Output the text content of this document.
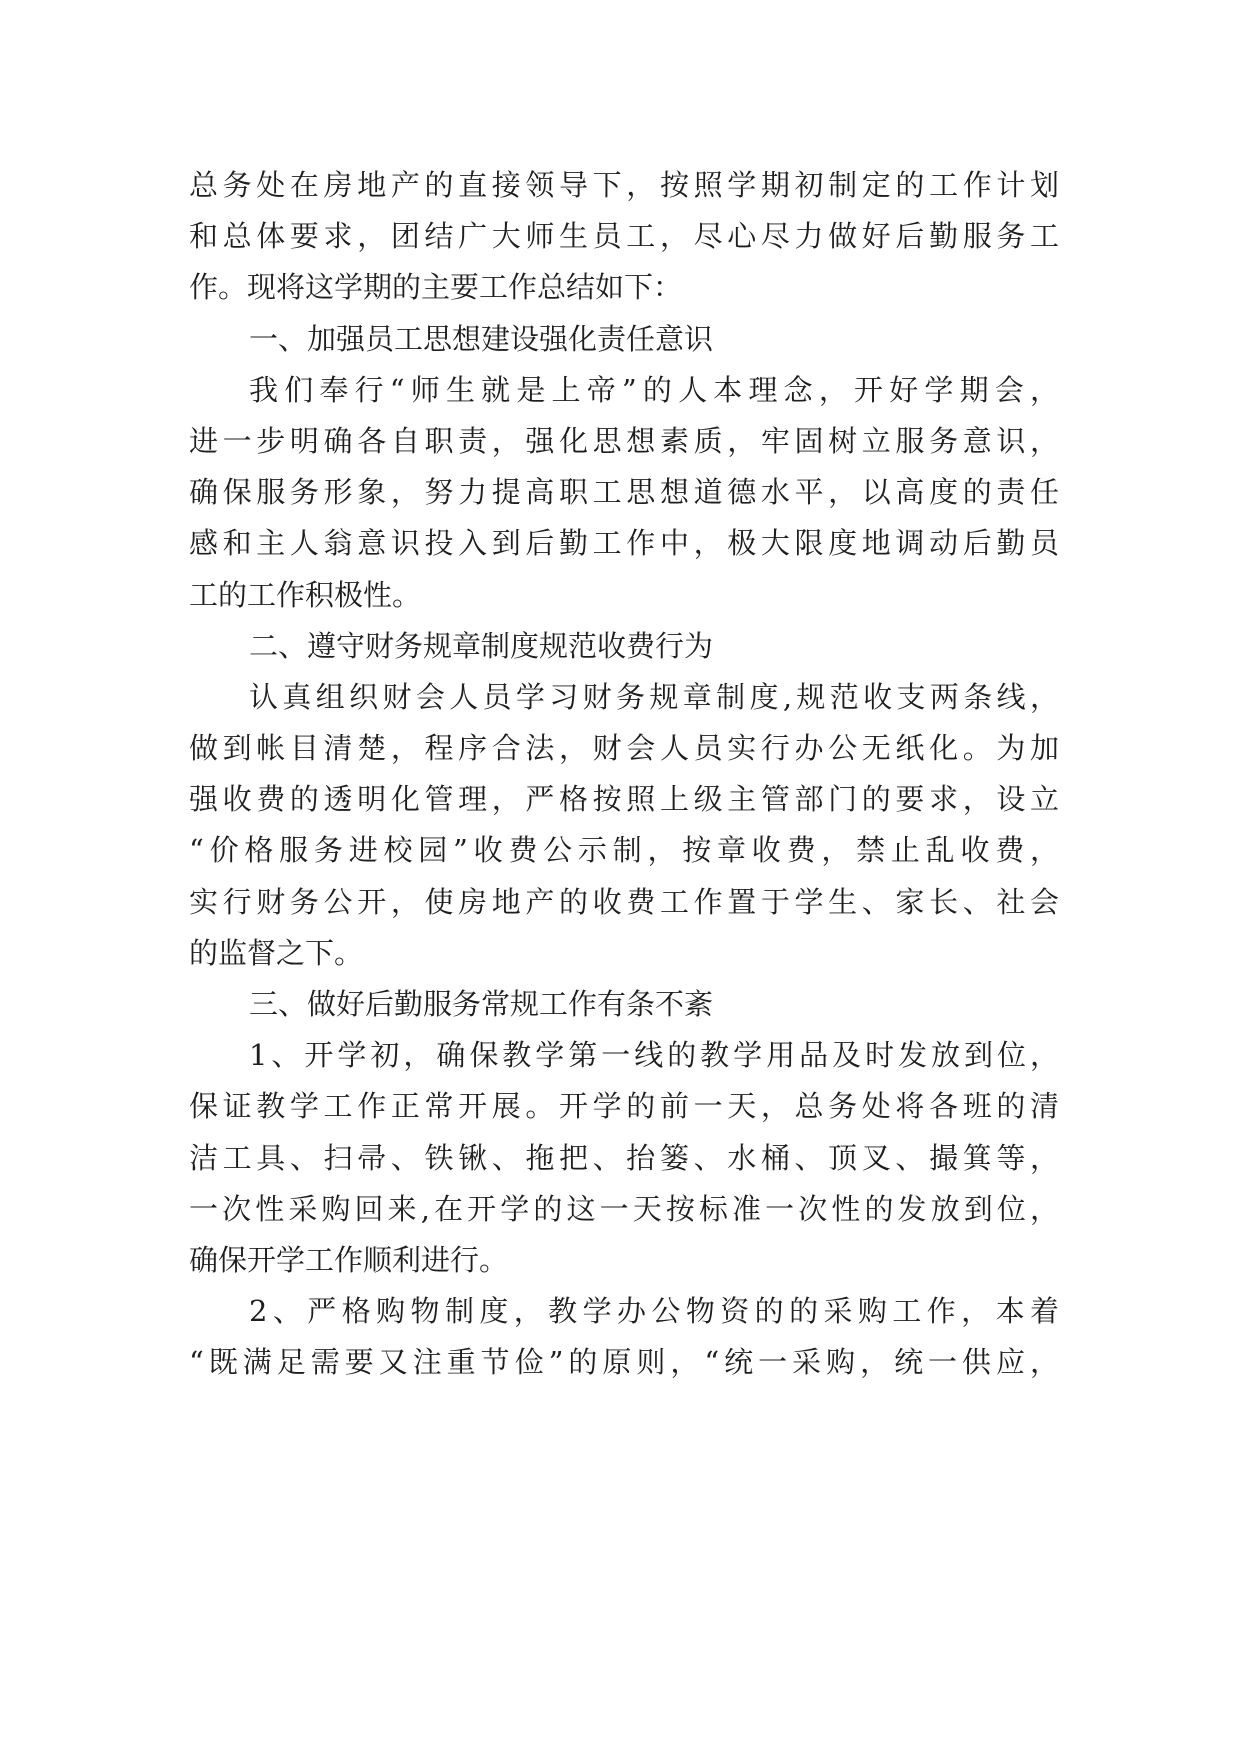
总务处在房地产的直接领导下，按照学期初制定的工作计划
和总体要求，团结广大师生员工，尽心尽力做好后勤服务工
作。现将这学期的主要工作总结如下：
一、加强员工思想建设强化责任意识
我们奉行“师生就是上帝”的人本理念，开好学期会，
进一步明确各自职责，强化思想素质，牢固树立服务意识，
确保服务形象，努力提高职工思想道德水平，以高度的责任
感和主人翁意识投入到后勤工作中，极大限度地调动后勤员
工的工作积极性。
二、遵守财务规章制度规范收费行为
认真组织财会人员学习财务规章制度,规范收支两条线，
做到帐目清楚，程序合法，财会人员实行办公无纸化。为加
强收费的透明化管理，严格按照上级主管部门的要求，设立
“价格服务进校园”收费公示制，按章收费，禁止乱收费，
实行财务公开，使房地产的收费工作置于学生、家长、社会
的监督之下。
三、做好后勤服务常规工作有条不紊
1、开学初，确保教学第一线的教学用品及时发放到位，
保证教学工作正常开展。开学的前一天，总务处将各班的清
洁工具、扫帚、铁锹、拖把、抬篓、水桶、顶叉、撮箕等，
一次性采购回来,在开学的这一天按标准一次性的发放到位，
确保开学工作顺利进行。
2、严格购物制度，教学办公物资的的采购工作，本着
“既满足需要又注重节俭”的原则，“统一采购，统一供应，
